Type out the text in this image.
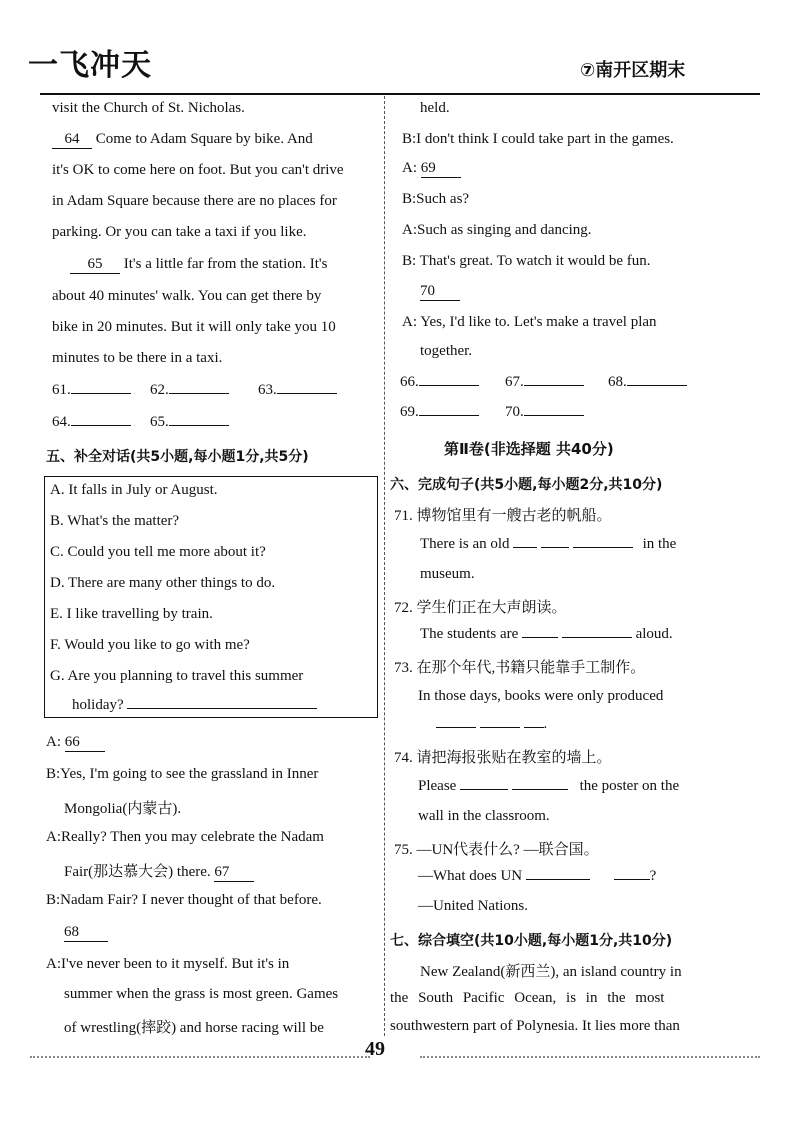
一飞冲天	⑦南开区期末
visit the Church of St. Nicholas.
64 Come to Adam Square by bike. And
it's OK to come here on foot. But you can't drive
in Adam Square because there are no places for
parking. Or you can take a taxi if you like.
65 It's a little far from the station. It's
about 40 minutes' walk. You can get there by
bike in 20 minutes. But it will only take you 10
minutes to be there in a taxi.
61.	62.	63.
64.	65.
五、补全对话(共5小题,每小题1分,共5分)
A. It falls in July or August.
B. What's the matter?
C. Could you tell me more about it?
D. There are many other things to do.
E. I like travelling by train.
F. Would you like to go with me?
G. Are you planning to travel this summer
holiday?
A: 66
B:Yes, I'm going to see the grassland in Inner
Mongolia(内蒙古).
A:Really? Then you may celebrate the Nadam
Fair(那达慕大会) there. 67
B:Nadam Fair? I never thought of that before.
68
A:I've never been to it myself. But it's in
summer when the grass is most green. Games
of wrestling(摔跤) and horse racing will be
held.
B:I don't think I could take part in the games.
A: 69
B:Such as?
A:Such as singing and dancing.
B: That's great. To watch it would be fun.
70
A: Yes, I'd like to. Let's make a travel plan
together.
66.	67.	68.
69.	70.
第Ⅱ卷(非选择题 共40分)
六、完成句子(共5小题,每小题2分,共10分)
71. 博物馆里有一艘古老的帆船。
There is an old	in the
museum.
72. 学生们正在大声朗读。
The students are	aloud.
73. 在那个年代,书籍只能靠手工制作。
In those days, books were only produced
.
74. 请把海报张贴在教室的墙上。
Please	the poster on the
wall in the classroom.
75. —UN代表什么? —联合国。
—What does UN	?
—United Nations.
七、综合填空(共10小题,每小题1分,共10分)
New Zealand(新西兰), an island country in
the South Pacific Ocean, is in the most
southwestern part of Polynesia. It lies more than
49
